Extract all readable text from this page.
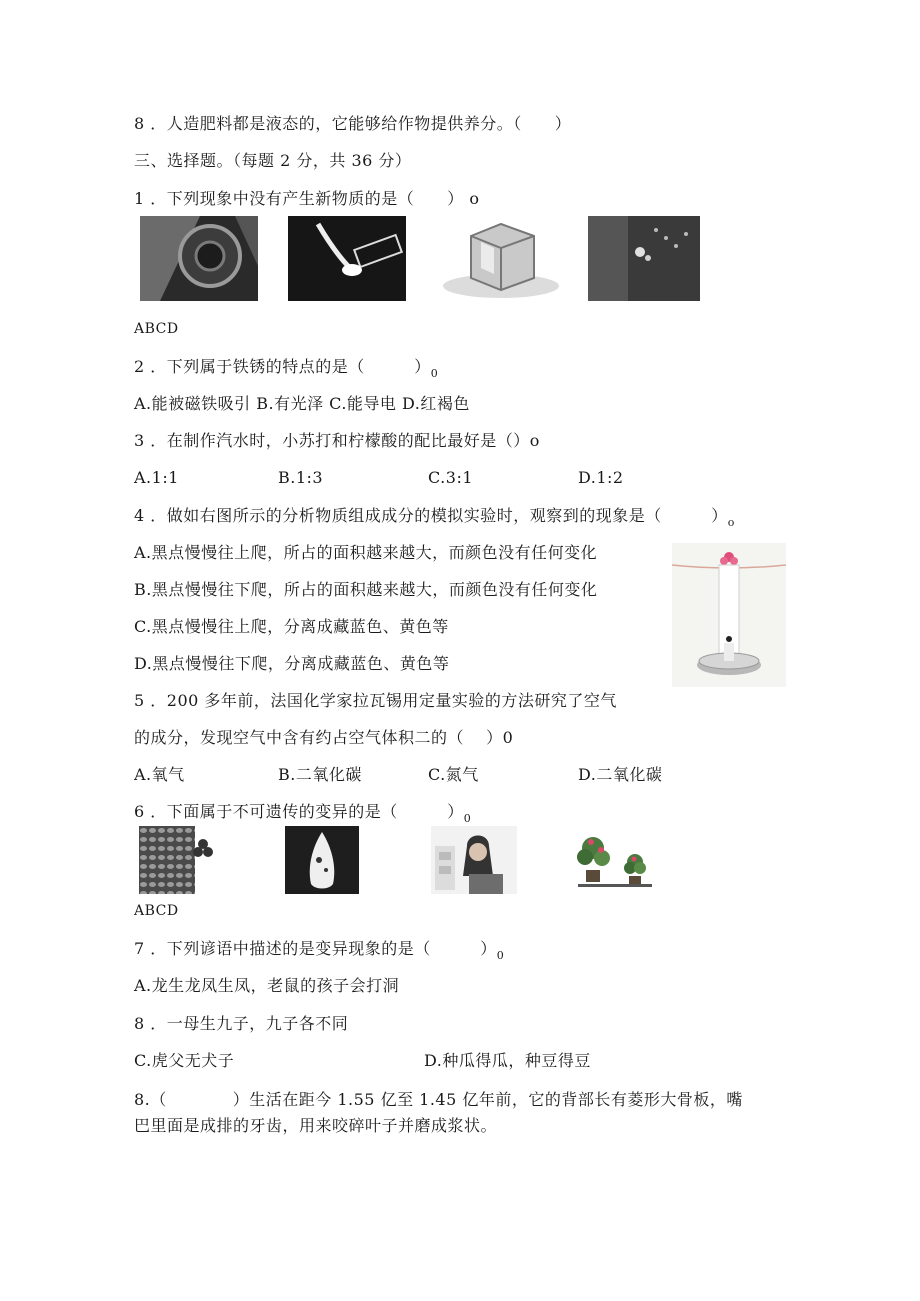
8 ．人造肥料都是液态的，它能够给作物提供养分。（　　）
三、选择题。（每题 2 分，共 36 分）
1 ．下列现象中没有产生新物质的是（　　） o
ABCD
2 ．下列属于铁锈的特点的是（　　　）$_0$
A.能被磁铁吸引 B.有光泽 C.能导电 D.红褐色
3 ．在制作汽水时，小苏打和柠檬酸的配比最好是（）o
A.1:1	B.1:3	C.3:1	D.1:2
4 ．做如右图所示的分析物质组成成分的模拟实验时，观察到的现象是（　　　）$_o$
A.黑点慢慢往上爬，所占的面积越来越大，而颜色没有任何变化
B.黑点慢慢往下爬，所占的面积越来越大，而颜色没有任何变化
C.黑点慢慢往上爬，分离成藏蓝色、黄色等
D.黑点慢慢往下爬，分离成藏蓝色、黄色等
5 ．200 多年前，法国化学家拉瓦锡用定量实验的方法研究了空气
的成分，发现空气中含有约占空气体积二的（　 ）0
A.氧气	B.二氧化碳	C.氮气	D.二氧化碳
6 ．下面属于不可遗传的变异的是（　　　）$_0$
ABCD
7 ．下列谚语中描述的是变异现象的是（　　　）$_0$
A.龙生龙凤生凤，老鼠的孩子会打洞
8 ．一母生九子，九子各不同
C.虎父无犬子	D.种瓜得瓜，种豆得豆
8.（　　　　）生活在距今 1.55 亿至 1.45 亿年前，它的背部长有菱形大骨板，嘴
巴里面是成排的牙齿，用来咬碎叶子并磨成浆状。
